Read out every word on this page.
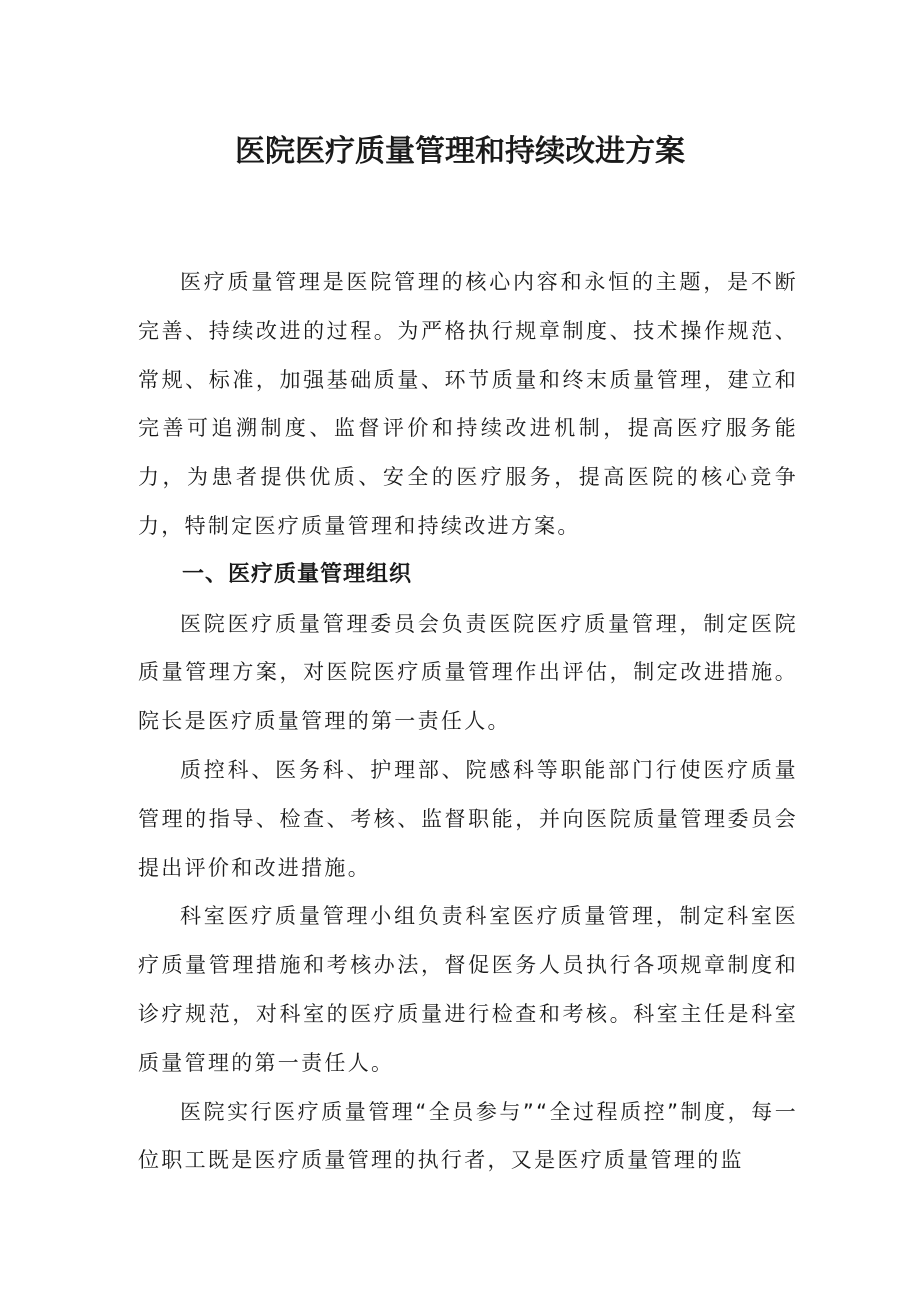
医院医疗质量管理和持续改进方案

医疗质量管理是医院管理的核心内容和永恒的主题，是不断完善、持续改进的过程。为严格执行规章制度、技术操作规范、常规、标准，加强基础质量、环节质量和终末质量管理，建立和完善可追溯制度、监督评价和持续改进机制，提高医疗服务能力，为患者提供优质、安全的医疗服务，提高医院的核心竞争力，特制定医疗质量管理和持续改进方案。

一、医疗质量管理组织

医院医疗质量管理委员会负责医院医疗质量管理，制定医院质量管理方案，对医院医疗质量管理作出评估，制定改进措施。院长是医疗质量管理的第一责任人。

质控科、医务科、护理部、院感科等职能部门行使医疗质量管理的指导、检查、考核、监督职能，并向医院质量管理委员会提出评价和改进措施。

科室医疗质量管理小组负责科室医疗质量管理，制定科室医疗质量管理措施和考核办法，督促医务人员执行各项规章制度和诊疗规范，对科室的医疗质量进行检查和考核。科室主任是科室质量管理的第一责任人。

医院实行医疗质量管理“全员参与”“全过程质控”制度，每一位职工既是医疗质量管理的执行者，又是医疗质量管理的监
